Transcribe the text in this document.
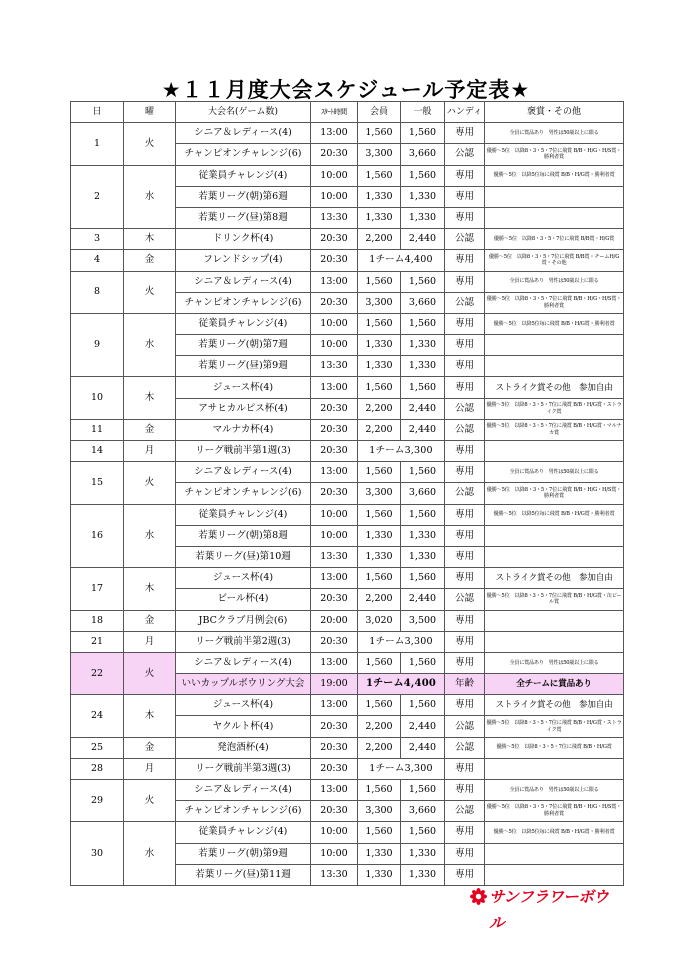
★１１月度大会スケジュール予定表★
日	曜	大会名(ゲーム数)	ｽﾀｰﾄ時間	会員	一般	ハンディ	褒賞・その他
1	火	シニア＆レディース(4)	13:00	1,560	1,560	専用	全員に賞品あり　男性は50歳以上に限る
		チャンピオンチャレンジ(6)	20:30	3,300	3,660	公認	優勝～5位　以降8・3・5・7位に飛賞 B/B・H/G・H/S賞・勝利者賞
2	水	従業員チャレンジ(4)	10:00	1,560	1,560	専用	優勝～5位　以降5位毎に飛賞 B/B・H/G賞・勝利者賞
		若葉リーグ(朝)第6週	10:00	1,330	1,330	専用	
		若葉リーグ(昼)第8週	13:30	1,330	1,330	専用	
3	木	ドリンク杯(4)	20:30	2,200	2,440	公認	優勝～5位　以降8・3・5・7位に飛賞 B/B賞・H/G賞
4	金	フレンドシップ(4)	20:30	1チーム4,400		専用	優勝～5位　以降8・3・5・7位に飛賞 B/B賞・チームH/G賞・その他
8	火	シニア＆レディース(4)	13:00	1,560	1,560	専用	全員に賞品あり　男性は50歳以上に限る
		チャンピオンチャレンジ(6)	20:30	3,300	3,660	公認	優勝～5位　以降8・3・5・7位に飛賞 B/B・H/G・H/S賞・勝利者賞
9	水	従業員チャレンジ(4)	10:00	1,560	1,560	専用	優勝～5位　以降5位毎に飛賞 B/B・H/G賞・勝利者賞
		若葉リーグ(朝)第7週	10:00	1,330	1,330	専用	
		若葉リーグ(昼)第9週	13:30	1,330	1,330	専用	
10	木	ジュース杯(4)	13:00	1,560	1,560	専用	ストライク賞その他　参加自由
		アサヒカルピス杯(4)	20:30	2,200	2,440	公認	優勝～5位　以降8・3・5・7位に飛賞 B/B・H/G賞・ストライク賞
11	金	マルナカ杯(4)	20:30	2,200	2,440	公認	優勝～5位　以降8・3・5・7位に飛賞 B/B・H/G賞・マルナカ賞
14	月	リーグ戦前半第1週(3)	20:30	1チーム3,300		専用	
15	火	シニア＆レディース(4)	13:00	1,560	1,560	専用	全員に賞品あり　男性は50歳以上に限る
		チャンピオンチャレンジ(6)	20:30	3,300	3,660	公認	優勝～5位　以降8・3・5・7位に飛賞 B/B・H/G・H/S賞・勝利者賞
16	水	従業員チャレンジ(4)	10:00	1,560	1,560	専用	優勝～5位　以降5位毎に飛賞 B/B・H/G賞・勝利者賞
		若葉リーグ(朝)第8週	10:00	1,330	1,330	専用	
		若葉リーグ(昼)第10週	13:30	1,330	1,330	専用	
17	木	ジュース杯(4)	13:00	1,560	1,560	専用	ストライク賞その他　参加自由
		ビール杯(4)	20:30	2,200	2,440	公認	優勝～5位　以降8・3・5・7位に飛賞 B/B・H/G賞・缶ビール賞
18	金	JBCクラブ月例会(6)	20:00	3,020	3,500	専用	
21	月	リーグ戦前半第2週(3)	20:30	1チーム3,300		専用	
22	火	シニア＆レディース(4)	13:00	1,560	1,560	専用	全員に賞品あり　男性は50歳以上に限る
		いいカップルボウリング大会	19:00	1チーム4,400		年齢	全チームに賞品あり
24	木	ジュース杯(4)	13:00	1,560	1,560	専用	ストライク賞その他　参加自由
		ヤクルト杯(4)	20:30	2,200	2,440	公認	優勝～5位　以降8・3・5・7位に飛賞 B/B・H/G賞・ストライク賞
25	金	発泡酒杯(4)	20:30	2,200	2,440	公認	優勝～5位　以降8・3・5・7位に飛賞 B/B・H/G賞
28	月	リーグ戦前半第3週(3)	20:30	1チーム3,300		専用	
29	火	シニア＆レディース(4)	13:00	1,560	1,560	専用	全員に賞品あり　男性は50歳以上に限る
		チャンピオンチャレンジ(6)	20:30	3,300	3,660	公認	優勝～5位　以降8・3・5・7位に飛賞 B/B・H/G・H/S賞・勝利者賞
30	水	従業員チャレンジ(4)	10:00	1,560	1,560	専用	優勝～5位　以降5位毎に飛賞 B/B・H/G賞・勝利者賞
		若葉リーグ(朝)第9週	10:00	1,330	1,330	専用	
		若葉リーグ(昼)第11週	13:30	1,330	1,330	専用	
サンフラワーボウル
